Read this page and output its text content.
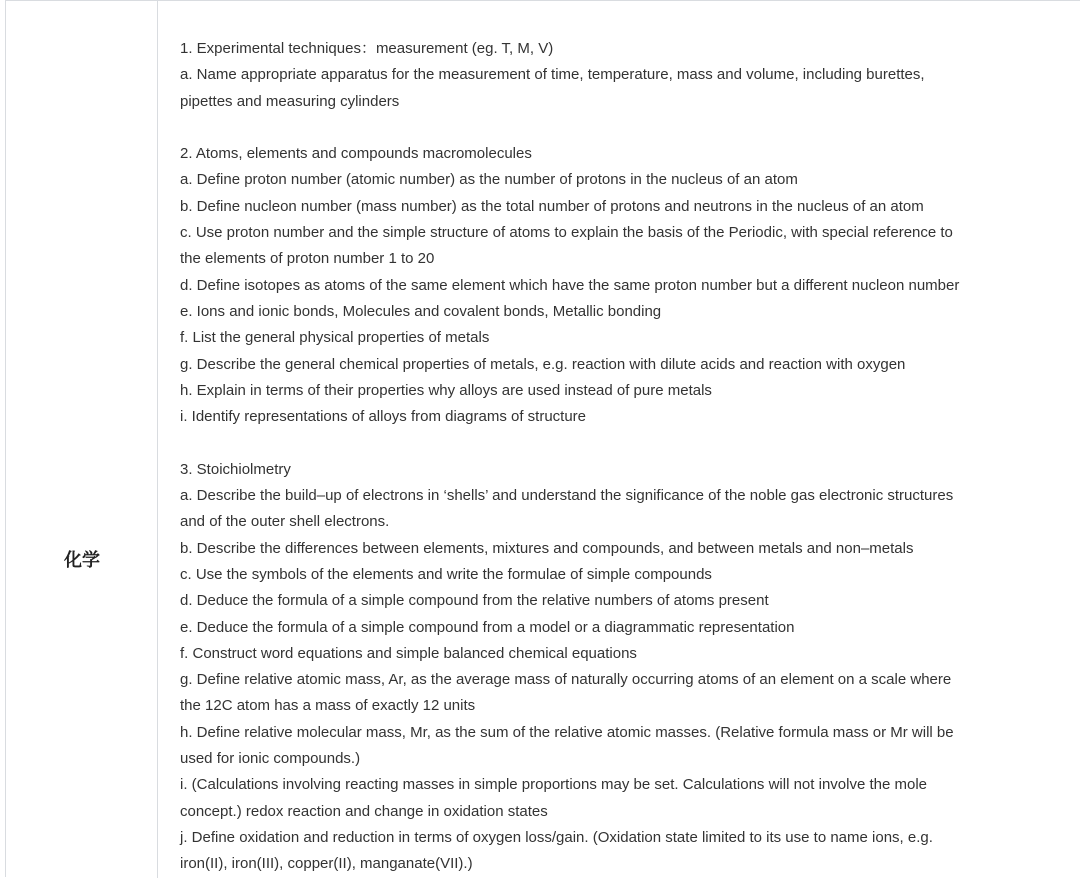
化学
1. Experimental techniques：measurement (eg. T, M, V)
a. Name appropriate apparatus for the measurement of time, temperature, mass and volume, including burettes,
pipettes and measuring cylinders
2. Atoms, elements and compounds macromolecules
a. Define proton number (atomic number) as the number of protons in the nucleus of an atom
b. Define nucleon number (mass number) as the total number of protons and neutrons in the nucleus of an atom
c. Use proton number and the simple structure of atoms to explain the basis of the Periodic, with special reference to
the elements of proton number 1 to 20
d. Define isotopes as atoms of the same element which have the same proton number but a different nucleon number
e. Ions and ionic bonds, Molecules and covalent bonds, Metallic bonding
f. List the general physical properties of metals
g. Describe the general chemical properties of metals, e.g. reaction with dilute acids and reaction with oxygen
h. Explain in terms of their properties why alloys are used instead of pure metals
i. Identify representations of alloys from diagrams of structure
3. Stoichiolmetry
a. Describe the build–up of electrons in ‘shells’ and understand the significance of the noble gas electronic structures
and of the outer shell electrons.
b. Describe the differences between elements, mixtures and compounds, and between metals and non–metals
c. Use the symbols of the elements and write the formulae of simple compounds
d. Deduce the formula of a simple compound from the relative numbers of atoms present
e. Deduce the formula of a simple compound from a model or a diagrammatic representation
f. Construct word equations and simple balanced chemical equations
g. Define relative atomic mass, Ar, as the average mass of naturally occurring atoms of an element on a scale where
the 12C atom has a mass of exactly 12 units
h. Define relative molecular mass, Mr, as the sum of the relative atomic masses. (Relative formula mass or Mr will be
used for ionic compounds.)
i. (Calculations involving reacting masses in simple proportions may be set. Calculations will not involve the mole
concept.) redox reaction and change in oxidation states
j. Define oxidation and reduction in terms of oxygen loss/gain. (Oxidation state limited to its use to name ions, e.g.
iron(II), iron(III), copper(II), manganate(VII).)
